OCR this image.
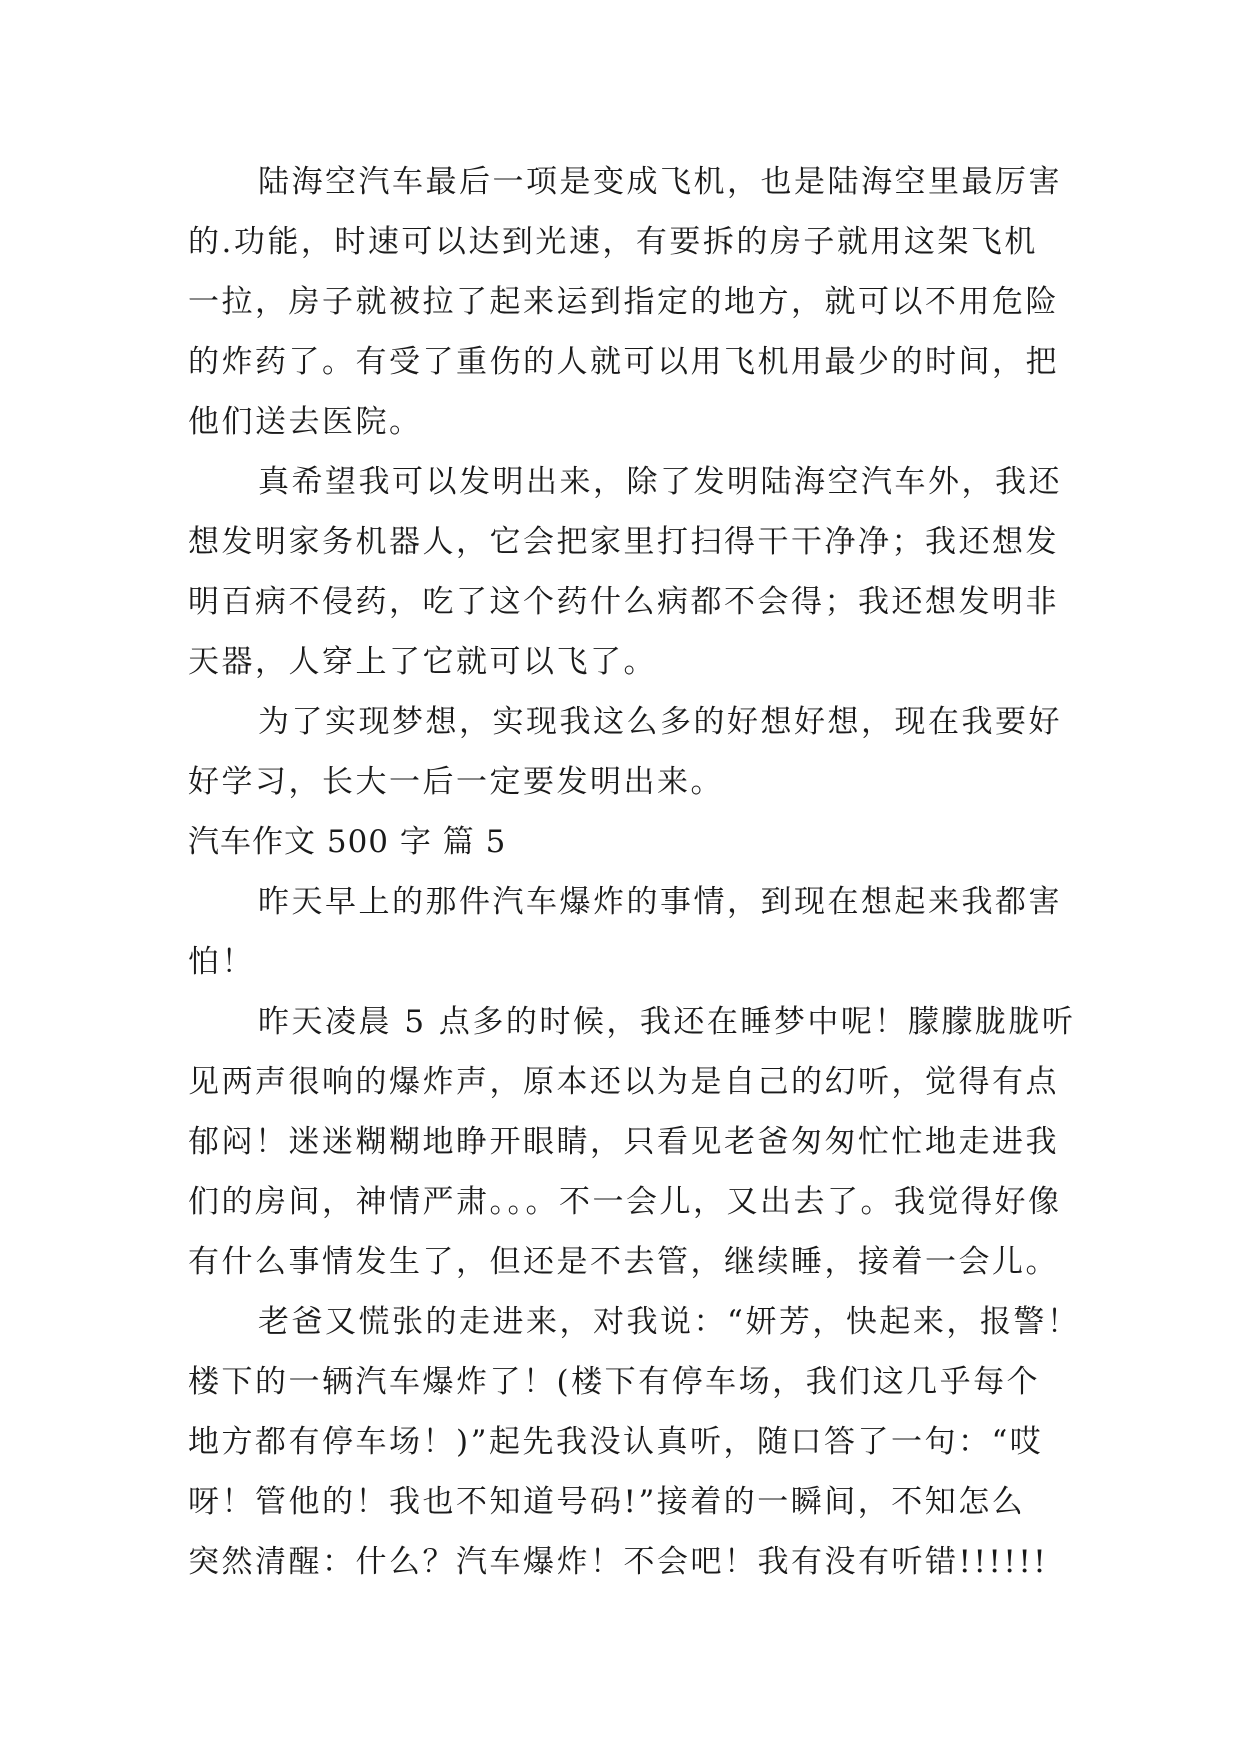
陆海空汽车最后一项是变成飞机，也是陆海空里最厉害
的.功能，时速可以达到光速，有要拆的房子就用这架飞机
一拉，房子就被拉了起来运到指定的地方，就可以不用危险
的炸药了。有受了重伤的人就可以用飞机用最少的时间，把
他们送去医院。
真希望我可以发明出来，除了发明陆海空汽车外，我还
想发明家务机器人，它会把家里打扫得干干净净；我还想发
明百病不侵药，吃了这个药什么病都不会得；我还想发明非
天器，人穿上了它就可以飞了。
为了实现梦想，实现我这么多的好想好想，现在我要好
好学习，长大一后一定要发明出来。
汽车作文 500 字 篇 5
昨天早上的那件汽车爆炸的事情，到现在想起来我都害
怕！
昨天凌晨 5 点多的时候，我还在睡梦中呢！朦朦胧胧听
见两声很响的爆炸声，原本还以为是自己的幻听，觉得有点
郁闷！迷迷糊糊地睁开眼睛，只看见老爸匆匆忙忙地走进我
们的房间，神情严肃。。。不一会儿，又出去了。我觉得好像
有什么事情发生了，但还是不去管，继续睡，接着一会儿。
老爸又慌张的走进来，对我说：“妍芳，快起来，报警！
楼下的一辆汽车爆炸了！(楼下有停车场，我们这几乎每个
地方都有停车场！)”起先我没认真听，随口答了一句：“哎
呀！管他的！我也不知道号码!”接着的一瞬间，不知怎么
突然清醒：什么？汽车爆炸！不会吧！我有没有听错!!!!!!
